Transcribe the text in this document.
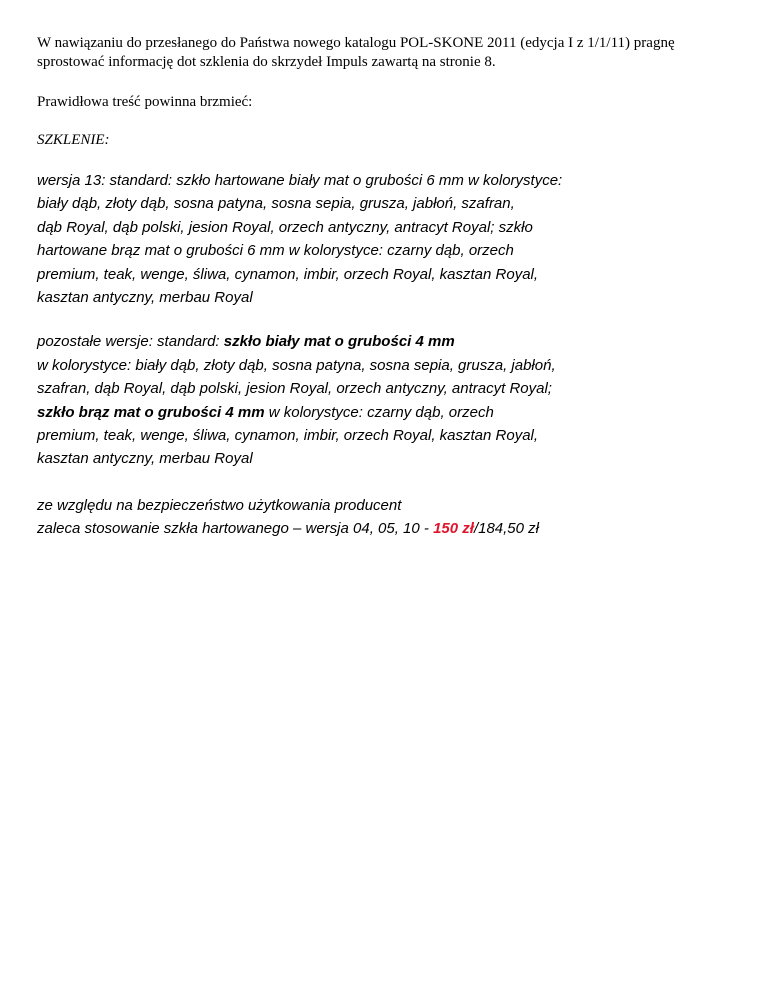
W nawiązaniu do przesłanego do Państwa nowego katalogu POL-SKONE 2011 (edycja I z 1/1/11) pragnę
sprostować informację dot szklenia do skrzydeł Impuls zawartą na stronie 8.

Prawidłowa treść powinna brzmieć:

SZKLENIE:

wersja 13: standard: szkło hartowane biały mat o grubości 6 mm w kolorystyce:
biały dąb, złoty dąb, sosna patyna, sosna sepia, grusza, jabłoń, szafran,
dąb Royal, dąb polski, jesion Royal, orzech antyczny, antracyt Royal; szkło
hartowane brąz mat o grubości 6 mm w kolorystyce: czarny dąb, orzech
premium, teak, wenge, śliwa, cynamon, imbir, orzech Royal, kasztan Royal,
kasztan antyczny, merbau Royal

pozostałe wersje: standard: szkło biały mat o grubości 4 mm
w kolorystyce: biały dąb, złoty dąb, sosna patyna, sosna sepia, grusza, jabłoń,
szafran, dąb Royal, dąb polski, jesion Royal, orzech antyczny, antracyt Royal;
szkło brąz mat o grubości 4 mm w kolorystyce: czarny dąb, orzech
premium, teak, wenge, śliwa, cynamon, imbir, orzech Royal, kasztan Royal,
kasztan antyczny, merbau Royal

ze względu na bezpieczeństwo użytkowania producent
zaleca stosowanie szkła hartowanego – wersja 04, 05, 10 - 150 zł/184,50 zł
